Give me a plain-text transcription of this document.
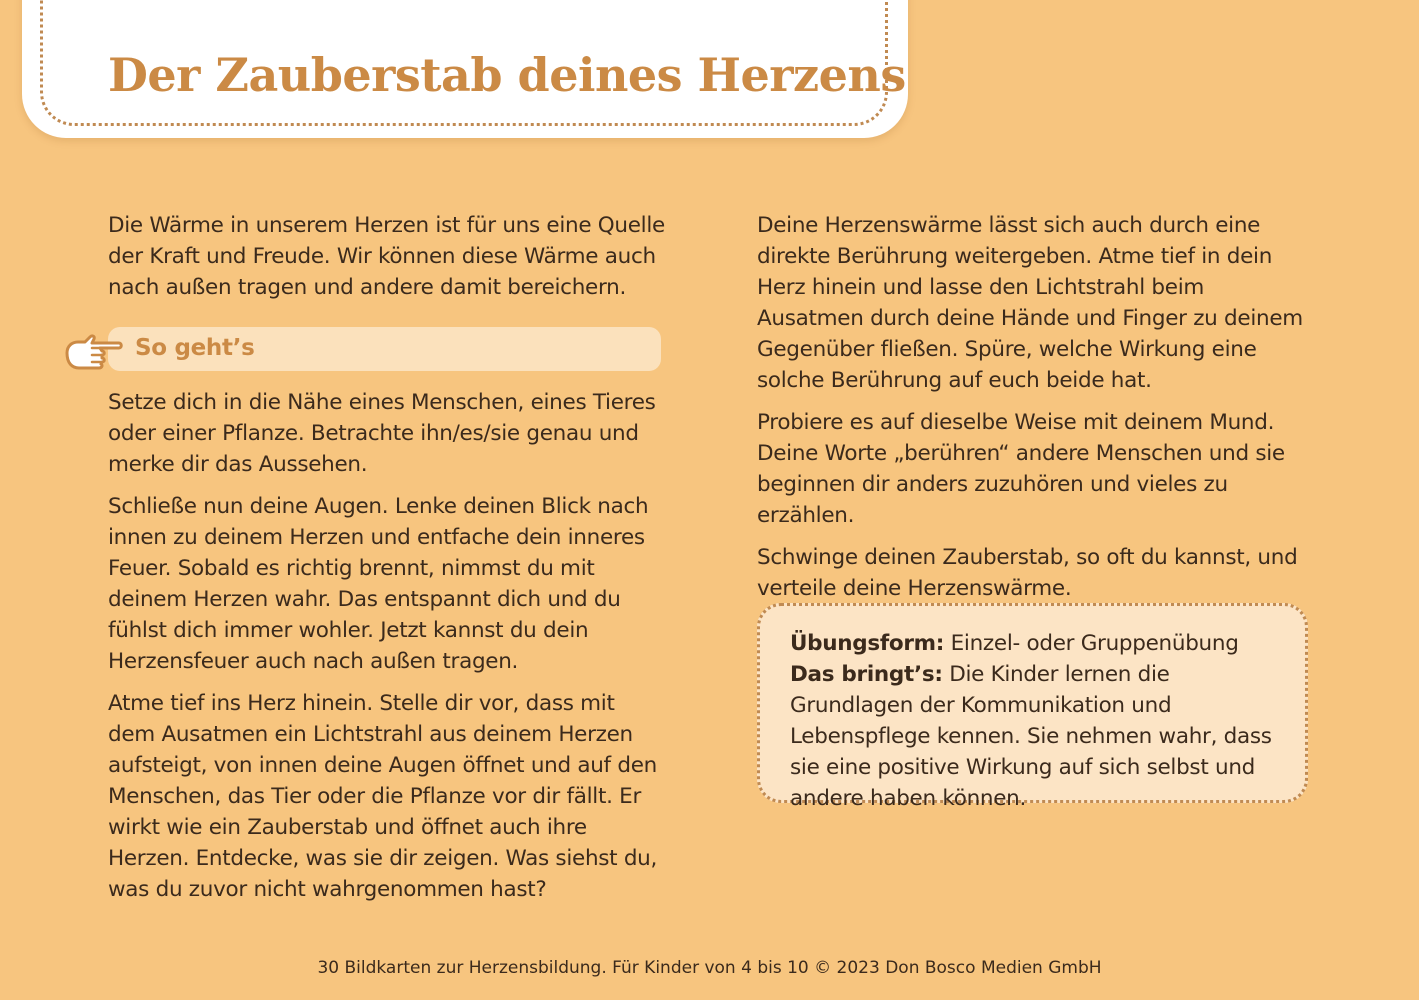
Der Zauberstab deines Herzens

Die Wärme in unserem Herzen ist für uns eine Quelle der Kraft und Freude. Wir können diese Wärme auch nach außen tragen und andere damit bereichern.

So geht’s

Setze dich in die Nähe eines Menschen, eines Tieres oder einer Pflanze. Betrachte ihn/es/sie genau und merke dir das Aussehen.

Schließe nun deine Augen. Lenke deinen Blick nach innen zu deinem Herzen und entfache dein inneres Feuer. Sobald es richtig brennt, nimmst du mit deinem Herzen wahr. Das entspannt dich und du fühlst dich immer wohler. Jetzt kannst du dein Herzensfeuer auch nach außen tragen.

Atme tief ins Herz hinein. Stelle dir vor, dass mit dem Ausatmen ein Lichtstrahl aus deinem Herzen aufsteigt, von innen deine Augen öffnet und auf den Menschen, das Tier oder die Pflanze vor dir fällt. Er wirkt wie ein Zauberstab und öffnet auch ihre Herzen. Entdecke, was sie dir zeigen. Was siehst du, was du zuvor nicht wahrgenommen hast?

Deine Herzenswärme lässt sich auch durch eine direkte Berührung weitergeben. Atme tief in dein Herz hinein und lasse den Lichtstrahl beim Ausatmen durch deine Hände und Finger zu deinem Gegenüber fließen. Spüre, welche Wirkung eine solche Berührung auf euch beide hat.

Probiere es auf dieselbe Weise mit deinem Mund. Deine Worte „berühren“ andere Menschen und sie beginnen dir anders zuzuhören und vieles zu erzählen.

Schwinge deinen Zauberstab, so oft du kannst, und verteile deine Herzenswärme.

Übungsform: Einzel- oder Gruppenübung
Das bringt’s: Die Kinder lernen die Grundlagen der Kommunikation und Lebenspflege kennen. Sie nehmen wahr, dass sie eine positive Wirkung auf sich selbst und andere haben können.
30 Bildkarten zur Herzensbildung. Für Kinder von 4 bis 10 © 2023 Don Bosco Medien GmbH
